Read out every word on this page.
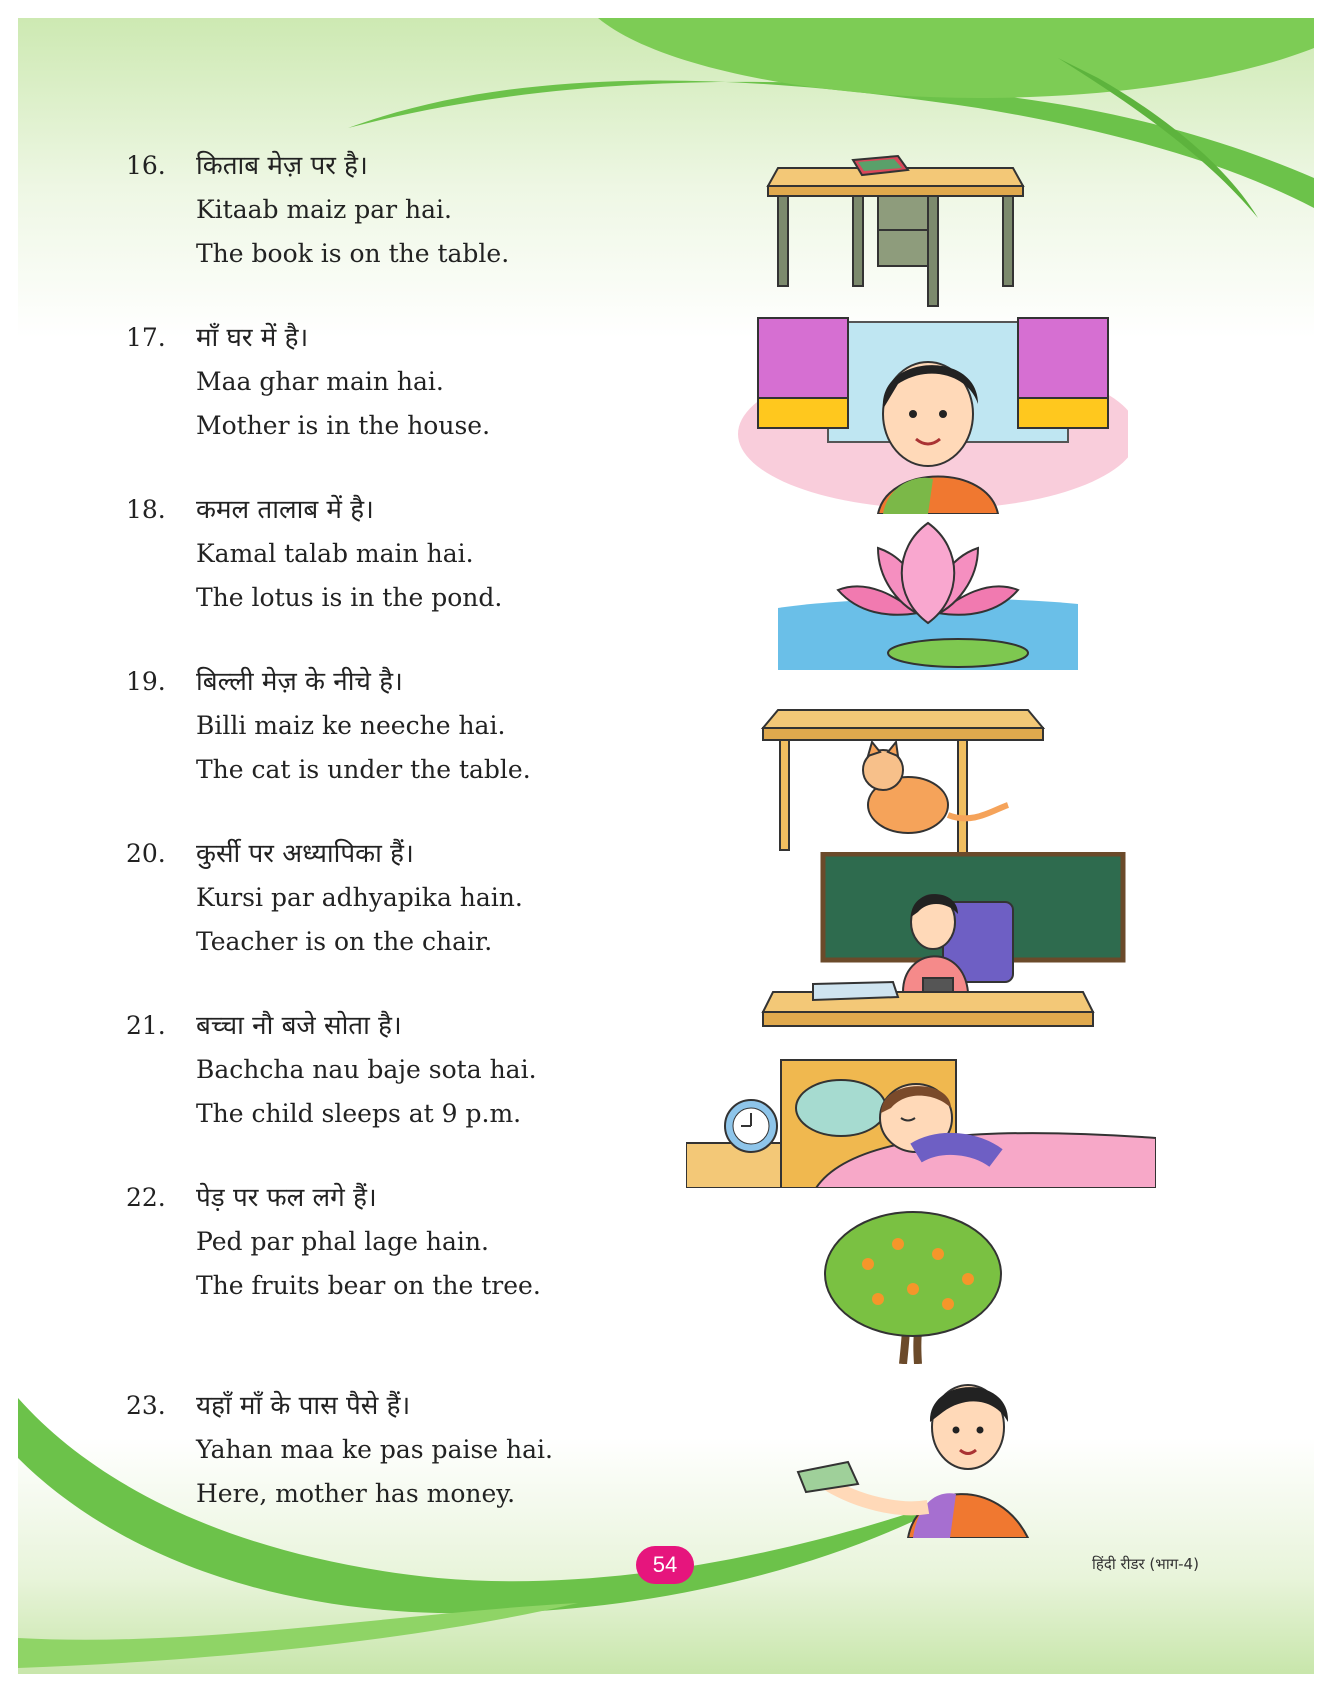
16. किताब मेज़ पर है।
Kitaab maiz par hai.
The book is on the table.
17. माँ घर में है।
Maa ghar main hai.
Mother is in the house.
18. कमल तालाब में है।
Kamal talab main hai.
The lotus is in the pond.
19. बिल्ली मेज़ के नीचे है।
Billi maiz ke neeche hai.
The cat is under the table.
20. कुर्सी पर अध्यापिका हैं।
Kursi par adhyapika hain.
Teacher is on the chair.
21. बच्चा नौ बजे सोता है।
Bachcha nau baje sota hai.
The child sleeps at 9 p.m.
22. पेड़ पर फल लगे हैं।
Ped par phal lage hain.
The fruits bear on the tree.
23. यहाँ माँ के पास पैसे हैं।
Yahan maa ke pas paise hai.
Here, mother has money.
54	हिंदी रीडर (भाग-4)
